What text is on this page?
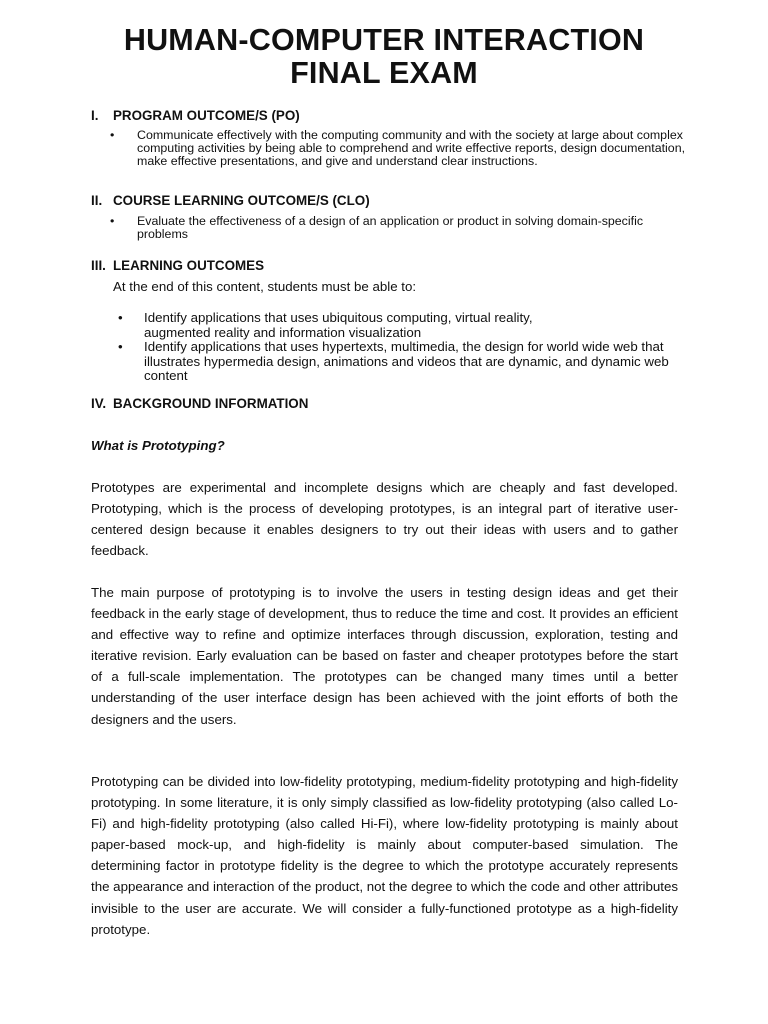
HUMAN-COMPUTER INTERACTION
FINAL EXAM
I. PROGRAM OUTCOME/S (PO)
• Communicate effectively with the computing community and with the society at large about complex computing activities by being able to comprehend and write effective reports, design documentation, make effective presentations, and give and understand clear instructions.
II. COURSE LEARNING OUTCOME/S (CLO)
• Evaluate the effectiveness of a design of an application or product in solving domain-specific problems
III. LEARNING OUTCOMES
At the end of this content, students must be able to:
• Identify applications that uses ubiquitous computing, virtual reality, augmented reality and information visualization
• Identify applications that uses hypertexts, multimedia, the design for world wide web that illustrates hypermedia design, animations and videos that are dynamic, and dynamic web content
IV. BACKGROUND INFORMATION
What is Prototyping?

Prototypes are experimental and incomplete designs which are cheaply and fast developed. Prototyping, which is the process of developing prototypes, is an integral part of iterative user-centered design because it enables designers to try out their ideas with users and to gather feedback.

The main purpose of prototyping is to involve the users in testing design ideas and get their feedback in the early stage of development, thus to reduce the time and cost. It provides an efficient and effective way to refine and optimize interfaces through discussion, exploration, testing and iterative revision. Early evaluation can be based on faster and cheaper prototypes before the start of a full-scale implementation. The prototypes can be changed many times until a better understanding of the user interface design has been achieved with the joint efforts of both the designers and the users.

Prototyping can be divided into low-fidelity prototyping, medium-fidelity prototyping and high-fidelity prototyping. In some literature, it is only simply classified as low-fidelity prototyping (also called Lo-Fi) and high-fidelity prototyping (also called Hi-Fi), where low-fidelity prototyping is mainly about paper-based mock-up, and high-fidelity is mainly about computer-based simulation. The determining factor in prototype fidelity is the degree to which the prototype accurately represents the appearance and interaction of the product, not the degree to which the code and other attributes invisible to the user are accurate. We will consider a fully-functioned prototype as a high-fidelity prototype.
